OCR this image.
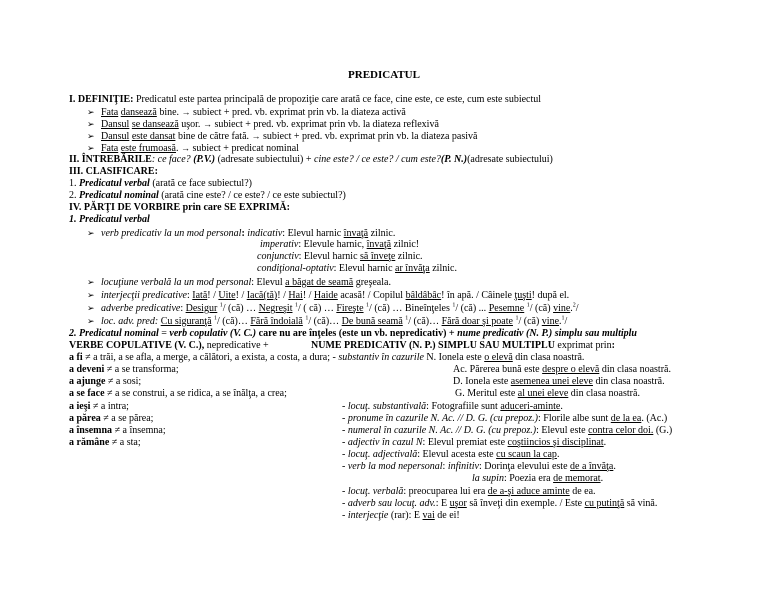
PREDICATUL
I. DEFINIŢIE: Predicatul este partea principală de propoziţie care arată ce face, cine este, ce este, cum este subiectul
➢ Fata dansează bine. → subiect + pred. vb. exprimat prin vb. la diateza activă
➢ Dansul se dansează uşor. → subiect + pred. vb. exprimat prin vb. la diateza reflexivă
➢ Dansul este dansat bine de către fată. → subiect + pred. vb. exprimat prin vb. la diateza pasivă
➢ Fata este frumoasă. → subiect + predicat nominal
II. ÎNTREBĂRILE: ce face? (P.V.) (adresate subiectului) + cine este? / ce este? / cum este?(P. N.)(adresate subiectului)
III. CLASIFICARE:
1. Predicatul verbal (arată ce face subiectul?)
2. Predicatul nominal (arată cine este? / ce este? / ce este subiectul?)
IV. PĂRŢI DE VORBIRE prin care SE EXPRIMĂ:
1. Predicatul verbal
➢ verb predicativ la un mod personal: indicativ: Elevul harnic învaţă zilnic.
imperativ: Elevule harnic, învaţă zilnic!
conjunctiv: Elevul harnic să înveţe zilnic.
condiţional-optativ: Elevul harnic ar învăţa zilnic.
➢ locuţiune verbală la un mod personal: Elevul a băgat de seamă greşeala.
➢ interjecţii predicative: Iată! / Uite! / Iacă(tă)! / Hai! / Haide acasă! / Copilul bâldâbâc! în apă. / Câinele ţuşti! după el.
➢ adverbe predicative: Desigur $^1$/ (că) … Negreşit $^1$/ ( că) … Fireşte $^1$/ (că) … Bineînţeles $^1$/ (că) ... Pesemne $^1$/ (că) vine.$^2$/
➢ loc. adv. pred: Cu siguranţă $^1$/ (că)… Fără îndoială $^1$/ (că)… De bună seamă $^1$/ (că)… Fără doar şi poate $^1$/ (că) vine.$^1$/
2. Predicatul nominal = verb copulativ (V. C.) care nu are înţeles (este un vb. nepredicativ) + nume predicativ (N. P.) simplu sau multiplu
VERBE COPULATIVE (V. C.), nepredicative +	NUME PREDICATIV (N. P.) SIMPLU SAU MULTIPLU exprimat prin:
a fi ≠ a trăi, a se afla, a merge, a călători, a exista, a costa, a dura; - substantiv în cazurile N. Ionela este o elevă din clasa noastră.
a deveni ≠ a se transforma;	Ac. Părerea bună este despre o elevă din clasa noastră.
a ajunge ≠ a sosi;	D. Ionela este asemenea unei eleve din clasa noastră.
a se face ≠ a se construi, a se ridica, a se înălţa, a crea;	G. Meritul este al unei eleve din clasa noastră.
a ieşi ≠ a intra;
a părea ≠ a se părea;
a însemna ≠ a însemna;
a rămâne ≠ a sta;
- locuţ. substantivală: Fotografiile sunt aduceri-aminte.
- pronume în cazurile N. Ac. // D. G. (cu prepoz.): Florile albe sunt de la ea. (Ac.)
- numeral în cazurile N. Ac. // D. G. (cu prepoz.): Elevul este contra celor doi. (G.)
- adjectiv în cazul N: Elevul premiat este coştiincios şi disciplinat.
- locuţ. adjectivală: Elevul acesta este cu scaun la cap.
- verb la mod nepersonal: infinitiv: Dorinţa elevului este de a învăţa.
la supin: Poezia era de memorat.
- locuţ. verbală: preocuparea lui era de a-şi aduce aminte de ea.
- adverb sau locuţ. adv.: E uşor să înveţi din exemple. / Este cu putinţă să vină.
- interjecţie (rar): E vai de ei!
